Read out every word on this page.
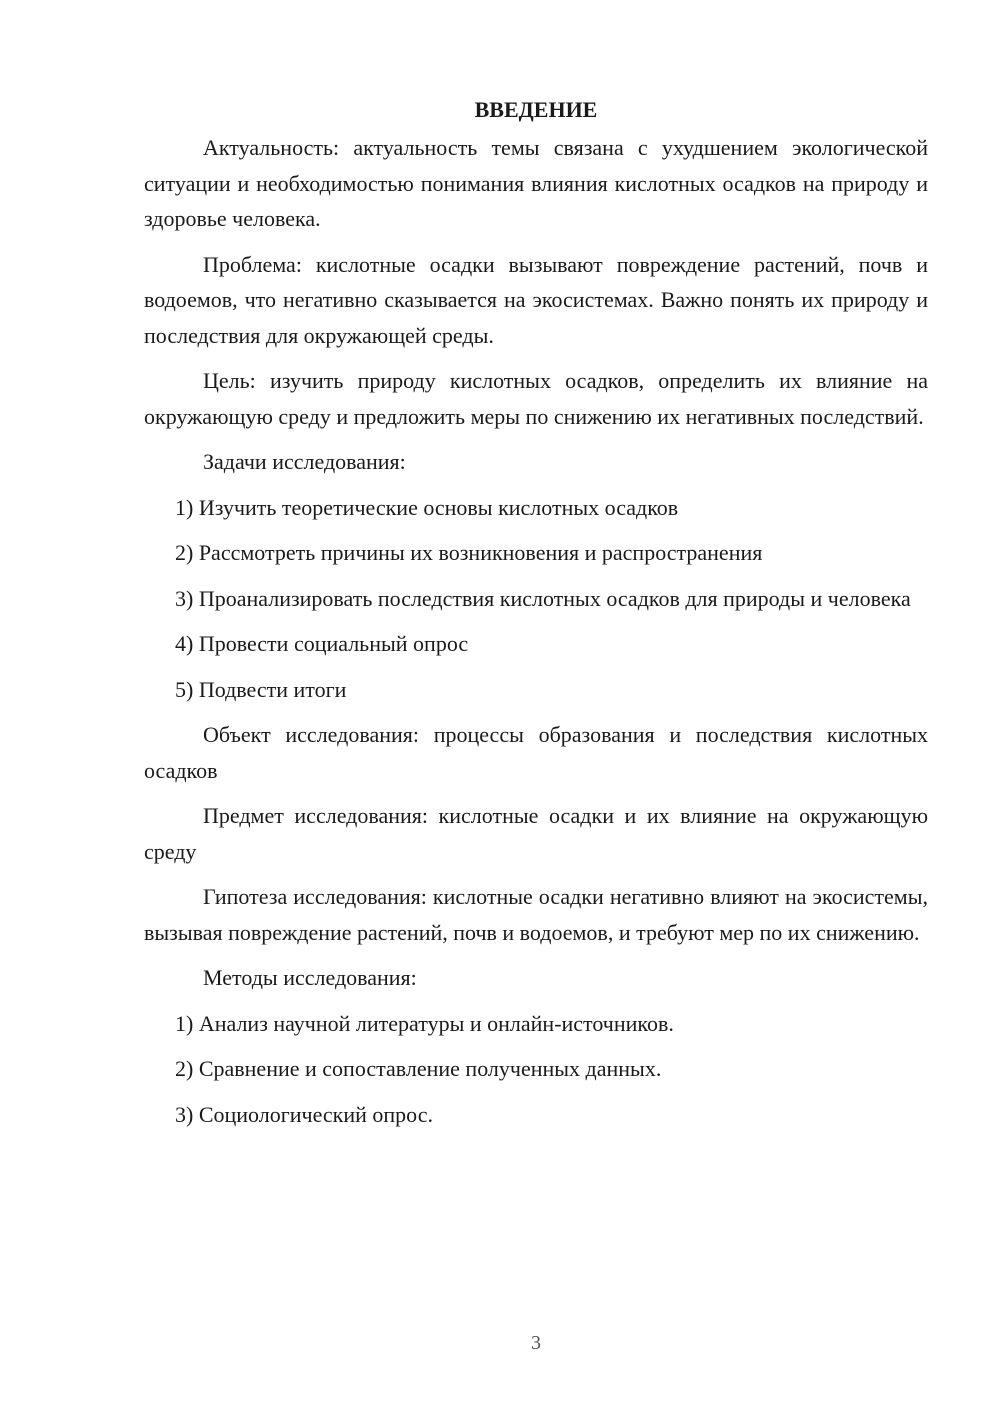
ВВЕДЕНИЕ

Актуальность: актуальность темы связана с ухудшением экологической ситуации и необходимостью понимания влияния кислотных осадков на природу и здоровье человека.

Проблема: кислотные осадки вызывают повреждение растений, почв и водоемов, что негативно сказывается на экосистемах. Важно понять их природу и последствия для окружающей среды.

Цель: изучить природу кислотных осадков, определить их влияние на окружающую среду и предложить меры по снижению их негативных последствий.

Задачи исследования:

1) Изучить теоретические основы кислотных осадков

2) Рассмотреть причины их возникновения и распространения

3) Проанализировать последствия кислотных осадков для природы и человека

4) Провести социальный опрос

5) Подвести итоги

Объект исследования: процессы образования и последствия кислотных осадков

Предмет исследования: кислотные осадки и их влияние на окружающую среду

Гипотеза исследования: кислотные осадки негативно влияют на экосистемы, вызывая повреждение растений, почв и водоемов, и требуют мер по их снижению.

Методы исследования:

1) Анализ научной литературы и онлайн-источников.

2) Сравнение и сопоставление полученных данных.

3) Социологический опрос.

3
